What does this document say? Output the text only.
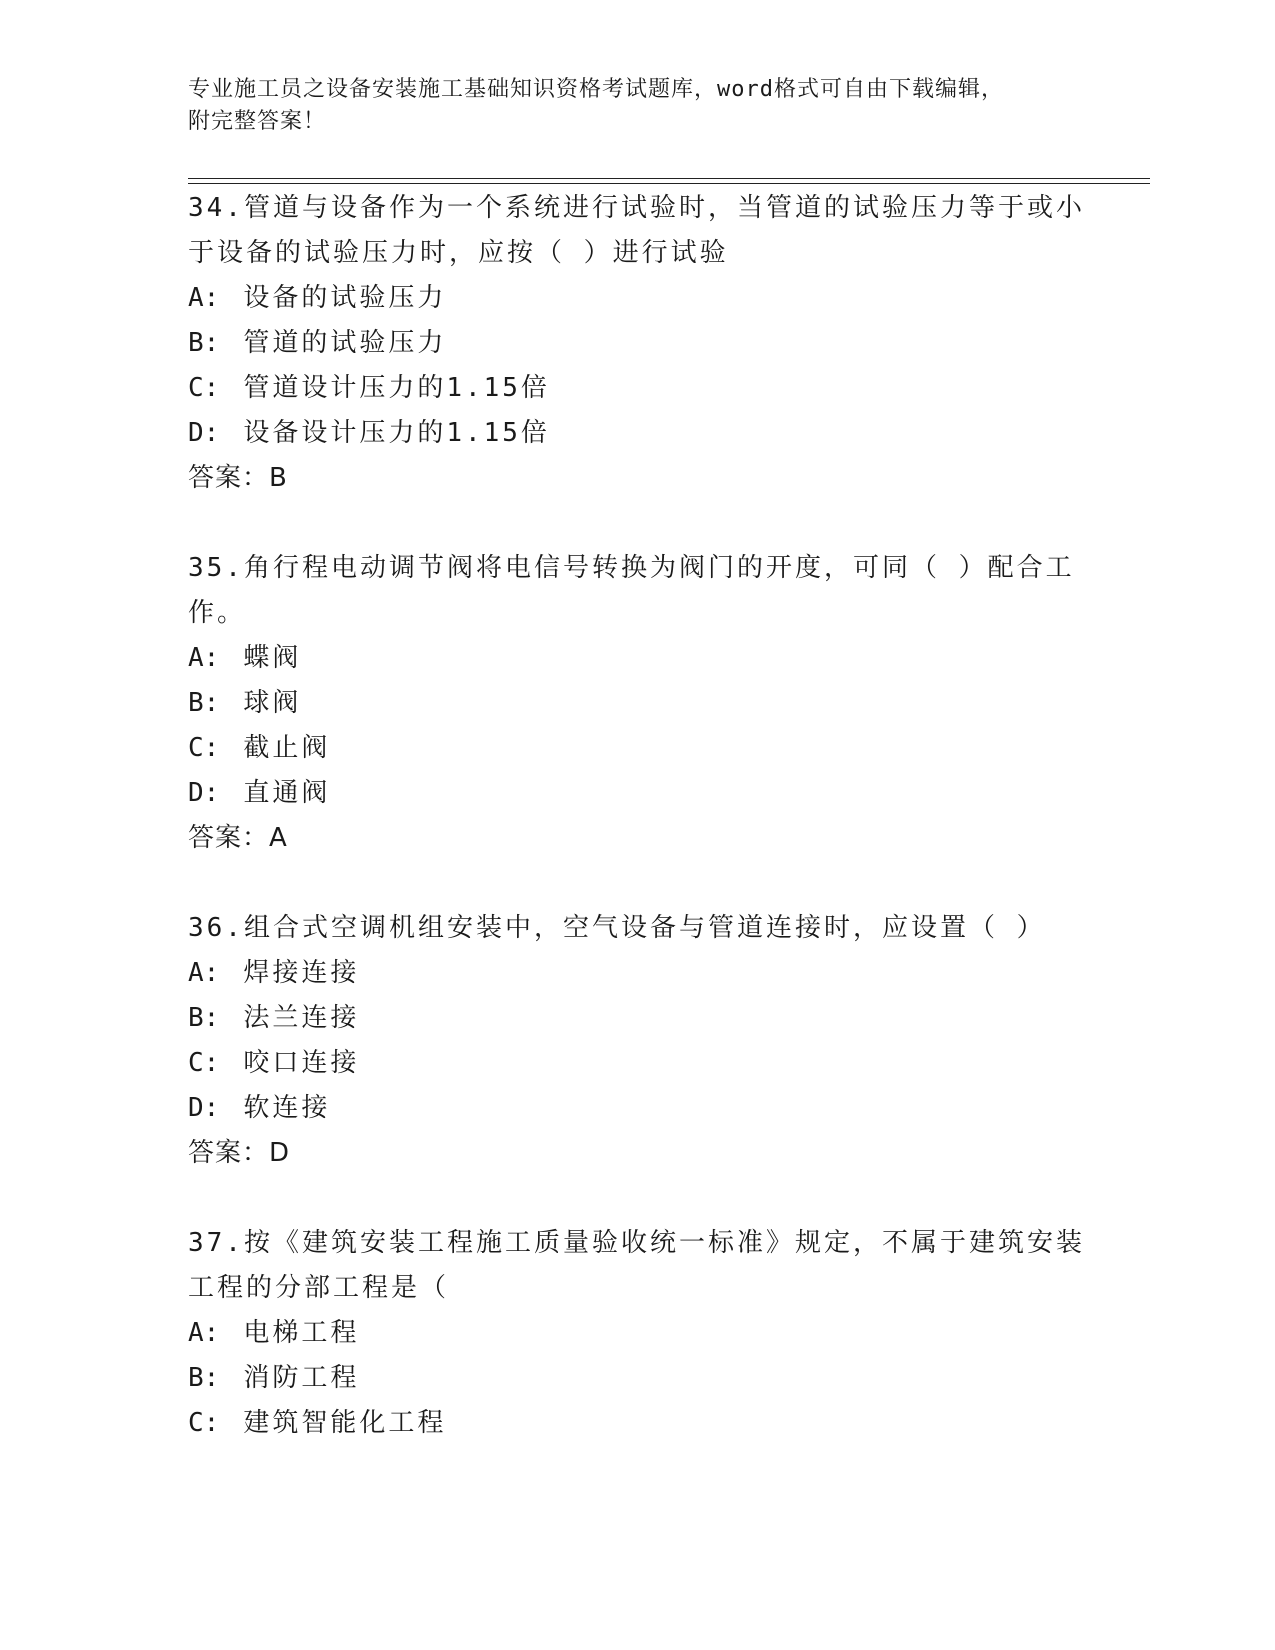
专业施工员之设备安装施工基础知识资格考试题库，word格式可自由下载编辑，
附完整答案！
34.管道与设备作为一个系统进行试验时，当管道的试验压力等于或小
于设备的试验压力时，应按（ ）进行试验
A: 设备的试验压力
B: 管道的试验压力
C: 管道设计压力的1.15倍
D: 设备设计压力的1.15倍
答案：B
35.角行程电动调节阀将电信号转换为阀门的开度，可同（ ）配合工
作。
A: 蝶阀
B: 球阀
C: 截止阀
D: 直通阀
答案：A
36.组合式空调机组安装中，空气设备与管道连接时，应设置（ ）
A: 焊接连接
B: 法兰连接
C: 咬口连接
D: 软连接
答案：D
37.按《建筑安装工程施工质量验收统一标准》规定，不属于建筑安装
工程的分部工程是（
A: 电梯工程
B: 消防工程
C: 建筑智能化工程
